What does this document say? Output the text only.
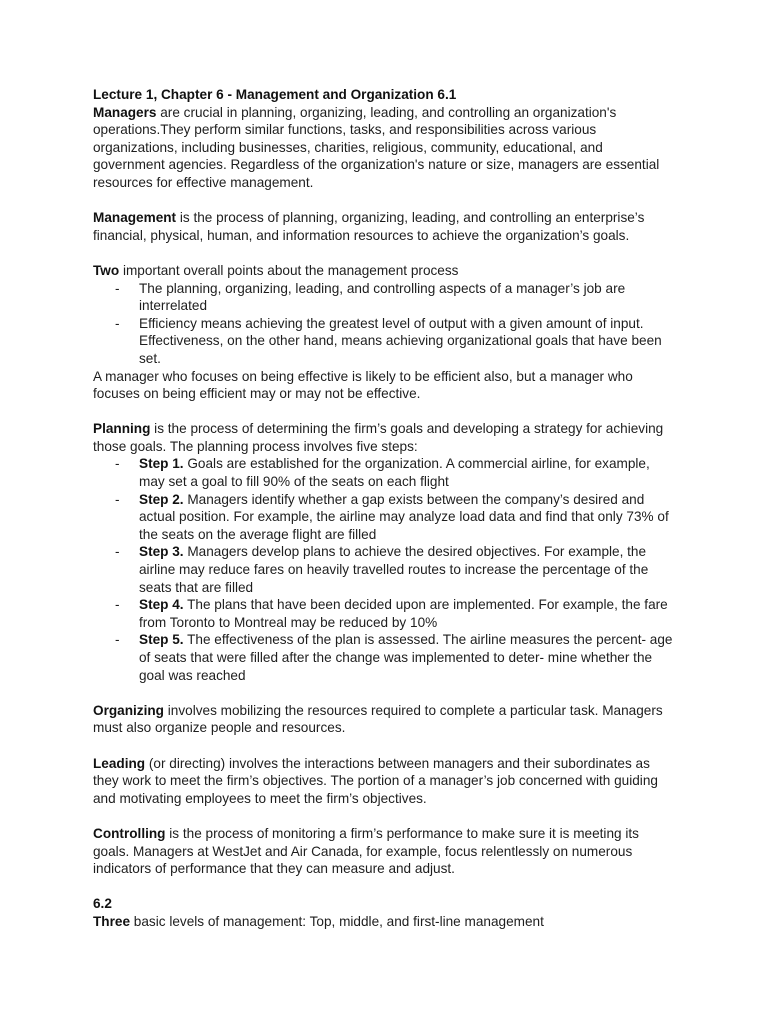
Lecture 1, Chapter 6 - Management and Organization 6.1

Managers are crucial in planning, organizing, leading, and controlling an organization's operations.They perform similar functions, tasks, and responsibilities across various organizations, including businesses, charities, religious, community, educational, and government agencies. Regardless of the organization's nature or size, managers are essential resources for effective management.

Management is the process of planning, organizing, leading, and controlling an enterprise’s financial, physical, human, and information resources to achieve the organization’s goals.

Two important overall points about the management process

- The planning, organizing, leading, and controlling aspects of a manager’s job are interrelated
- Efficiency means achieving the greatest level of output with a given amount of input. Effectiveness, on the other hand, means achieving organizational goals that have been set.

A manager who focuses on being effective is likely to be efficient also, but a manager who focuses on being efficient may or may not be effective.

Planning is the process of determining the firm’s goals and developing a strategy for achieving those goals. The planning process involves five steps:

- Step 1. Goals are established for the organization. A commercial airline, for example, may set a goal to fill 90% of the seats on each flight
- Step 2. Managers identify whether a gap exists between the company’s desired and actual position. For example, the airline may analyze load data and find that only 73% of the seats on the average flight are filled
- Step 3. Managers develop plans to achieve the desired objectives. For example, the airline may reduce fares on heavily travelled routes to increase the percentage of the seats that are filled
- Step 4. The plans that have been decided upon are implemented. For example, the fare from Toronto to Montreal may be reduced by 10%
- Step 5. The effectiveness of the plan is assessed. The airline measures the percent- age of seats that were filled after the change was implemented to deter- mine whether the goal was reached

Organizing involves mobilizing the resources required to complete a particular task. Managers must also organize people and resources.

Leading (or directing) involves the interactions between managers and their subordinates as they work to meet the firm’s objectives. The portion of a manager’s job concerned with guiding and motivating employees to meet the firm’s objectives.

Controlling is the process of monitoring a firm’s performance to make sure it is meeting its goals. Managers at WestJet and Air Canada, for example, focus relentlessly on numerous indicators of performance that they can measure and adjust.

6.2

Three basic levels of management: Top, middle, and first-line management
